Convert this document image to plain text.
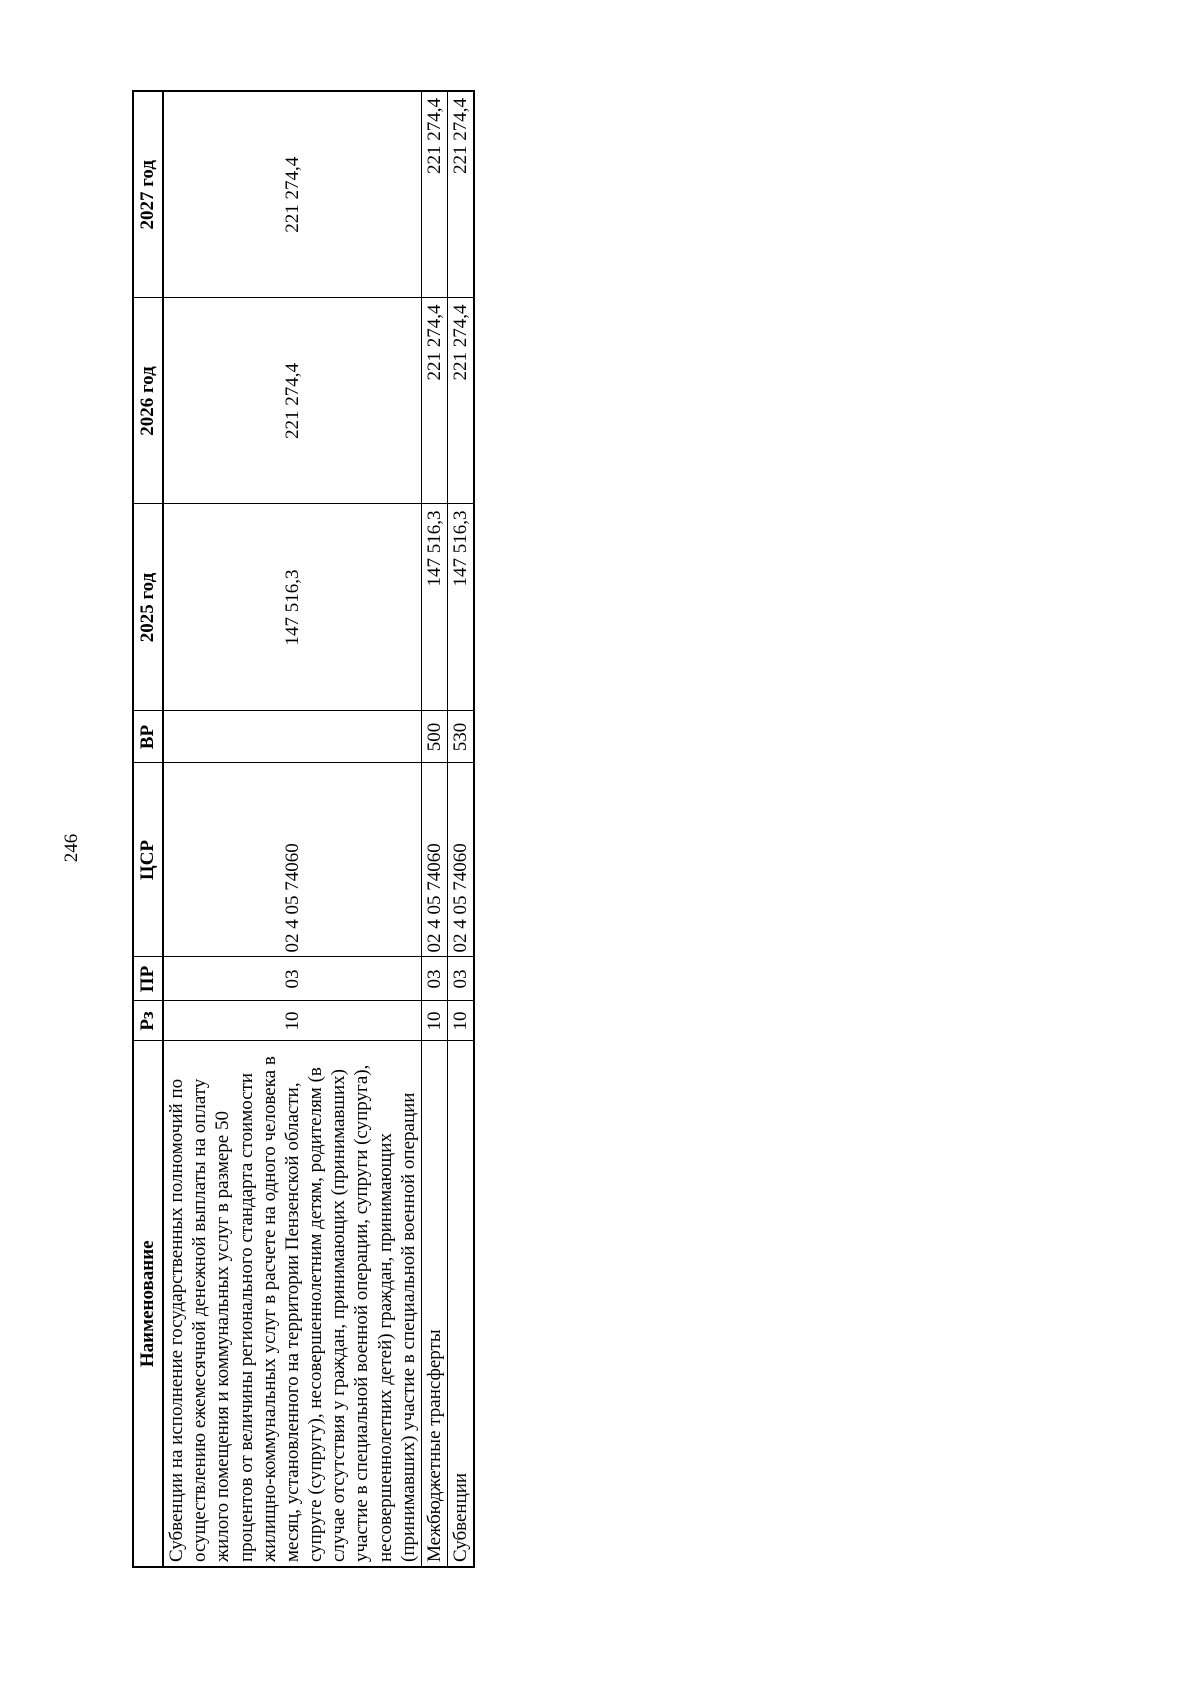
246
Наименование	Рз	ПР	ЦСР	ВР	2025 год	2026 год	2027 год
Субвенции на исполнение государственных полномочий по осуществлению ежемесячной денежной выплаты на оплату жилого помещения и коммунальных услуг в размере 50 процентов от величины регионального стандарта стоимости жилищно-коммунальных услуг в расчете на одного человека в месяц, установленного на территории Пензенской области, супруге (супругу), несовершеннолетним детям, родителям (в случае отсутствия у граждан, принимающих (принимавших) участие в специальной военной операции, супруги (супруга), несовершеннолетних детей) граждан, принимающих (принимавших) участие в специальной военной операции	10	03	02 4 05 74060		147 516,3	221 274,4	221 274,4
Межбюджетные трансферты	10	03	02 4 05 74060	500	147 516,3	221 274,4	221 274,4
Субвенции	10	03	02 4 05 74060	530	147 516,3	221 274,4	221 274,4
